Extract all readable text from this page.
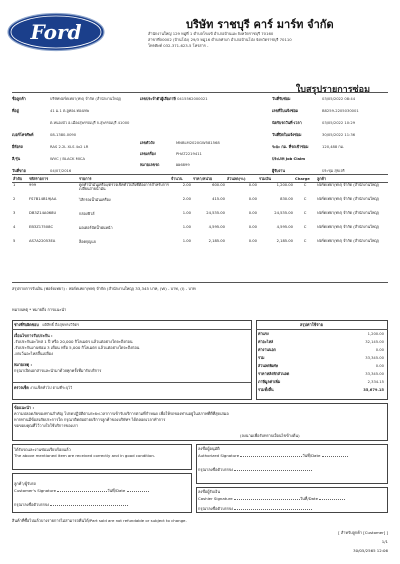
Ford	บริษัท ราชบุรี คาร์ มาร์ท จำกัด
สำนักงานใหญ่ 129 หมู่ที่ 1 ตำบลโรงเข้ อำเภอบ้านแพ จังหวัดราชบุรี 70160
สาขาที่00002 (บ้านโป่ง) 29/3 หมู่16 ตำบลท่าผา อำเภอบ้านโป่ง จังหวัดราชบุรี 70110
โทรศัพท์ 032-371-623-5 โทรสาร -
ใบสรุปรายการซ่อม
ชื่อลูกค้า	บริษัทฟอร์ดเทยา(ทฟ) จำกัด (สำนักงานใหญ่)
ที่อยู่	41 ม.1 ต.อูทอง-ทองเทพ
ต.หนองบัว อ.เมืองสุพรรณบุรี จ.สุพรรณบุรี 41000
เบอร์โทรศัพท์	08-1380-0090
ยี่ห้อรถ	RAS 2.2L XLS 4x2 LR
สี/รุ่น	WVC / BLACK MICA
วันที่ขาย	04/07/2016
เลขประจำตัวผู้เสียภาษี 0415562000021
เลขตัวถัง	MNBLM2020GW581568
เลขเครื่อง	PHAT2219411
หมายเลขรถ	ผผ6899
วันที่รับซ่อม	03/05/2022 08:44
เลขที่ใบแจ้งซ่อม	B8259-2205030001
นัดรับรถวันที่-เวลา	03/05/2022 10:29
วันที่ปิดใบแจ้งซ่อม	30/05/2022 11:36
ระยะ กม. ที่รถเข้าซ่อม	120,488 กม.
ประเภท Job Claim
ผู้รับงาน	ประชุม สุขเจริ
ลำดับ	รหัสรายการ	รายการ	จำนวน	ราคา/หน่วย	ส่วนลด(%)	รวมเงิน	Charge	ลูกค้า
1	999	ดูดทำน้ำมันเครื่อง/ตรวจเช็คทั่วไปสิ่งที่ต้องการสำหรับการเปลี่ยนถ่ายน้ำมัน	2.00	600.00	0.00	1,200.00	C	ฟอร์ดเทยา(ทฟ) จำกัด (สำนักงานใหญ่)
2	FS7B14B19JAA	ไส้กรองน้ำมันเครื่อง	2.00	415.00	0.00	830.00	C	ฟอร์ดเทยา(ทฟ) จำกัด (สำนักงานใหญ่)
3	DB3Z14A068U	กล่องฟิวส์	1.00	24,535.00	0.00	24,535.00	C	ฟอร์ดเทยา(ทฟ) จำกัด (สำนักงานใหญ่)
4	EB3Z17508C	มอเตอร์ปัดน้ำฝนหน้า	1.00	4,595.00	0.00	4,595.00	C	ฟอร์ดเทยา(ทฟ) จำกัด (สำนักงานใหญ่)
5	AS7A22053EA	ล็อคกุญแจ	1.00	2,185.00	0.00	2,185.00	C	ฟอร์ดเทยา(ทฟ) จำกัด (สำนักงานใหญ่)
สรุปรายการรับเงิน (ฟอร์ดเทยา) : ฟอร์ดเทยา(ทฟ) จำกัด (สำนักงานใหญ่) 33,345 บาท, (W) - บาท, (I) - บาท
หมายเหตุ * หมายถึง การแนะนำ
ช่างที่รับผิดชอบ ผลิสิทธิ์ ถือสุขทรงวิจิตร
เงื่อนไขการรับประกัน :
-รับประกันอะไหล่ 1 ปี หรือ 20,000 กิโลเมตร แล้วแต่อย่างใดจะถึงก่อน
-รับประกันงานซ่อม 3 เดือน หรือ 5,000 กิโลเมตร แล้วแต่อย่างใดจะถึงก่อน
-ยกเว้นอะไหล่สิ้นเปลือง
หมายเหตุ :
กรุณาเปิดเอกสารและนำมาด้วยทุกครั้งที่มารับบริการ
ตรวจเช็ค งานเช็คทั่วไป ตามที่ระบุไว้
สรุปค่าใช้จ่าย
ค่าแรง	1,200.00
ค่าอะไหล่	32,145.00
ค่างานนอก	0.00
รวม	33,345.00
ส่วนลดพิเศษ	0.00
ราคาหลังหักส่วนลด	33,345.00
ภาษีมูลค่าเพิ่ม	2,334.15
รวมทั้งสิ้น	35,679.15
ข้อแนะนำ :
ความปลอดภัยของท่านสำคัญ โปรดปฏิบัติตามระยะเวลาการเข้ารับบริการตามที่กำหนด เพื่อให้รถของท่านอยู่ในสภาพที่ดีที่สุดเสมอ
หากท่านมีข้อสงสัยประการใด กรุณาติดต่อฝ่ายบริการลูกค้าของบริษัทฯ ได้ตลอดเวลาทำการ
ขอขอบคุณที่ไว้วางใจใช้บริการของเรา
(ลงนามเพื่อรับทราบเงื่อนไขข้างต้น)
ได้รับรถและงานซ่อมเรียบร้อยแล้ว
The above mentioned item are received correctly and in good condition.
ลงชื่อผู้อนุมัติ
Authorized Signature	วันที่/Date
กรุณาลงชื่อตัวบรรจง
ลูกค้า/ผู้รับรถ
Customer's Signature	วันที่/Date
กรุณาลงชื่อตัวบรรจง
ลงชื่อผู้รับเงิน
Cashier Signature	วันที่/Date
กรุณาลงชื่อตัวบรรจง
สินค้าที่ซื้อไปแล้วบางรายการไม่สามารถคืนได้/Part sold are not refundable or subject to change.
[ สำหรับลูกค้า [Customer] ]
1/1
30/05/2565 12:06
